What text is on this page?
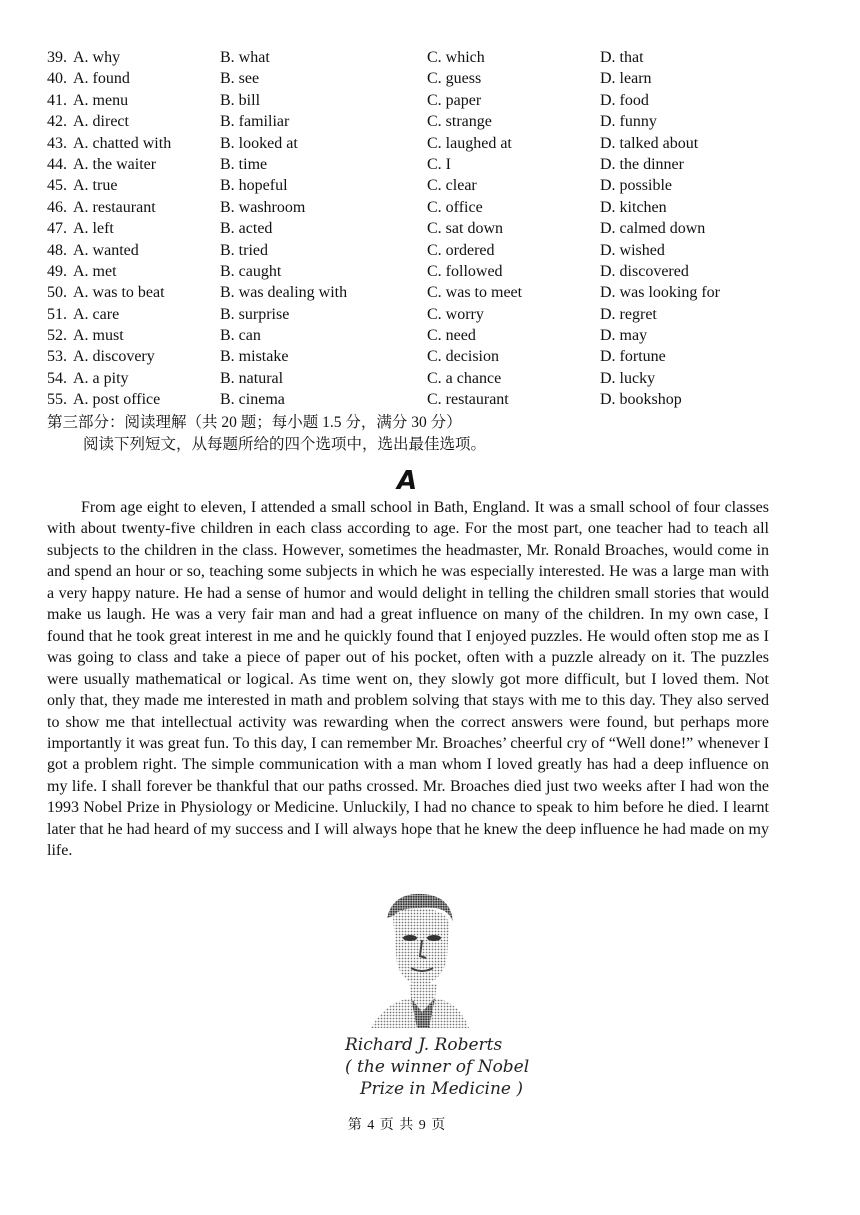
39. A. why	B. what	C. which	D. that
40. A. found	B. see	C. guess	D. learn
41. A. menu	B. bill	C. paper	D. food
42. A. direct	B. familiar	C. strange	D. funny
43. A. chatted with	B. looked at	C. laughed at	D. talked about
44. A. the waiter	B. time	C. I	D. the dinner
45. A. true	B. hopeful	C. clear	D. possible
46. A. restaurant	B. washroom	C. office	D. kitchen
47. A. left	B. acted	C. sat down	D. calmed down
48. A. wanted	B. tried	C. ordered	D. wished
49. A. met	B. caught	C. followed	D. discovered
50. A. was to beat	B. was dealing with	C. was to meet	D. was looking for
51. A. care	B. surprise	C. worry	D. regret
52. A. must	B. can	C. need	D. may
53. A. discovery	B. mistake	C. decision	D. fortune
54. A. a pity	B. natural	C. a chance	D. lucky
55. A. post office	B. cinema	C. restaurant	D. bookshop
第三部分：阅读理解（共 20 题；每小题 1.5 分，满分 30 分）
阅读下列短文，从每题所给的四个选项中，选出最佳选项。
A

From age eight to eleven, I attended a small school in Bath, England. It was a small school of four classes with about twenty-five children in each class according to age. For the most part, one teacher had to teach all subjects to the children in the class. However, sometimes the headmaster, Mr. Ronald Broaches, would come in and spend an hour or so, teaching some subjects in which he was especially interested. He was a large man with a very happy nature. He had a sense of humor and would delight in telling the children small stories that would make us laugh. He was a very fair man and had a great influence on many of the children. In my own case, I found that he took great interest in me and he quickly found that I enjoyed puzzles. He would often stop me as I was going to class and take a piece of paper out of his pocket, often with a puzzle already on it. The puzzles were usually mathematical or logical. As time went on, they slowly got more difficult, but I loved them. Not only that, they made me interested in math and problem solving that stays with me to this day. They also served to show me that intellectual activity was rewarding when the correct answers were found, but perhaps more importantly it was great fun. To this day, I can remember Mr. Broaches’ cheerful cry of “Well done!” whenever I got a problem right. The simple communication with a man whom I loved greatly has had a deep influence on my life. I shall forever be thankful that our paths crossed. Mr. Broaches died just two weeks after I had won the 1993 Nobel Prize in Physiology or Medicine. Unluckily, I had no chance to speak to him before he died. I learnt later that he had heard of my success and I will always hope that he knew the deep influence he had made on my life.

Richard J. Roberts
( the winner of Nobel
Prize in Medicine )
第 4 页 共 9 页
